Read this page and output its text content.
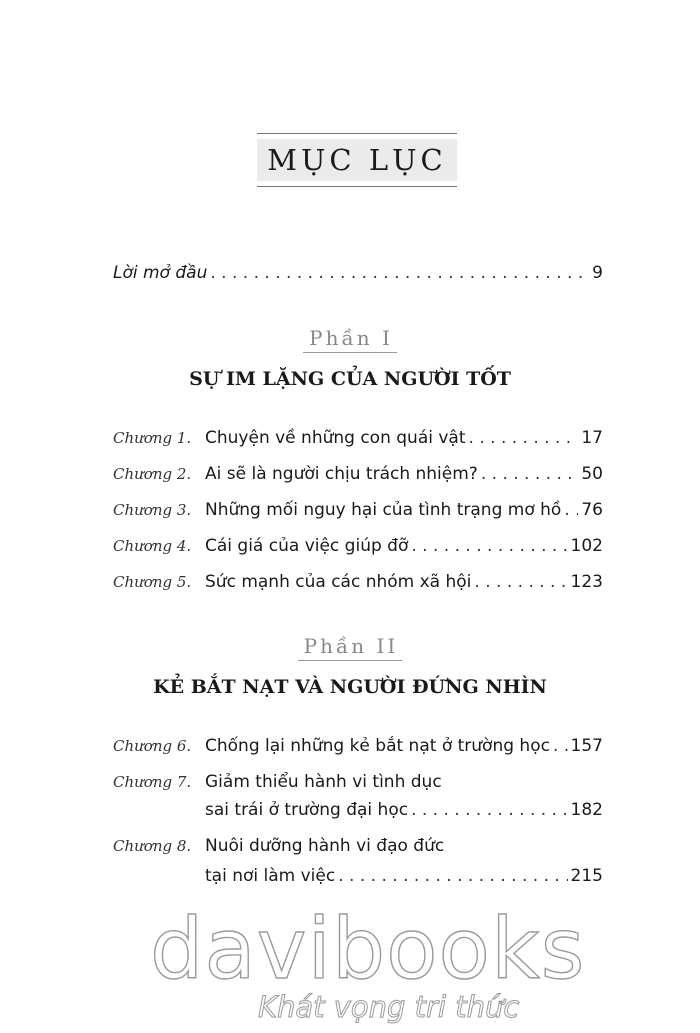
MỤC LỤC
Lời mở đầu . . .	9
Phần I
SỰ IM LẶNG CỦA NGƯỜI TỐT
Chương 1. Chuyện về những con quái vật . . .	17
Chương 2. Ai sẽ là người chịu trách nhiệm? . . .	50
Chương 3. Những mối nguy hại của tình trạng mơ hồ . . . 76
Chương 4. Cái giá của việc giúp đỡ . . .	102
Chương 5. Sức mạnh của các nhóm xã hội . . .	123
Phần II
KẺ BẮT NẠT VÀ NGƯỜI ĐỨNG NHÌN
Chương 6. Chống lại những kẻ bắt nạt ở trường học . . . 157
Chương 7. Giảm thiểu hành vi tình dục
sai trái ở trường đại học . . .	182
Chương 8. Nuôi dưỡng hành vi đạo đức
tại nơi làm việc . . .	215
davibooks
Khát vọng tri thức
